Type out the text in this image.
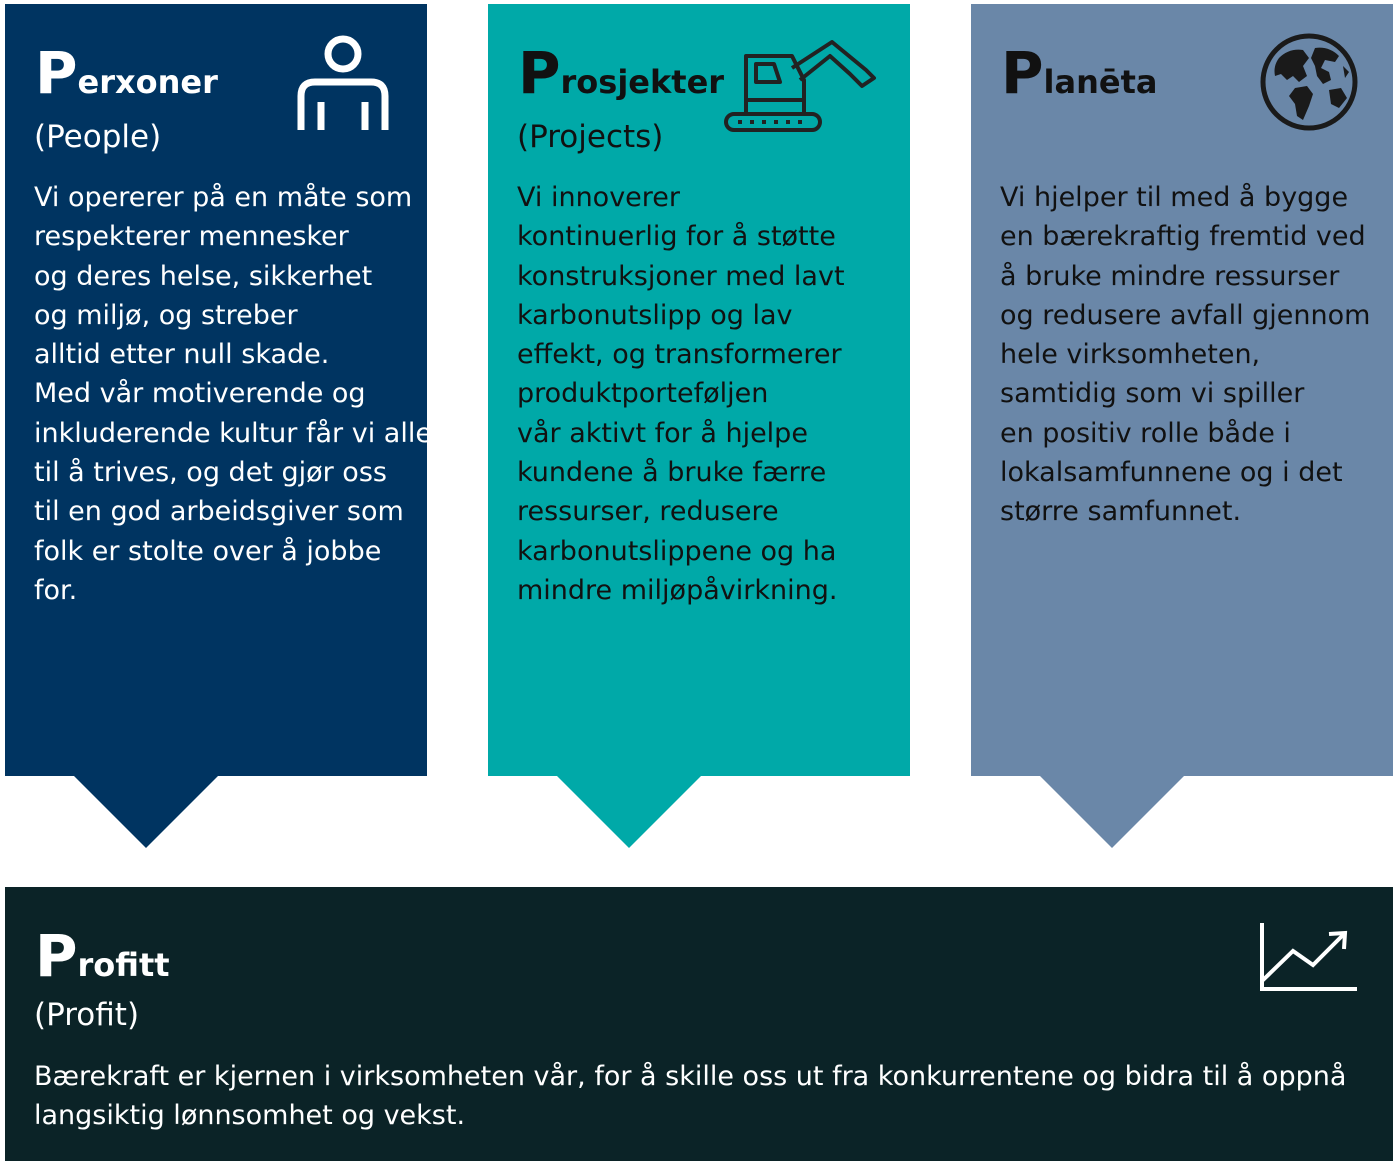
Perxoner
(People)
Vi opererer på en måte som
respekterer mennesker
og deres helse, sikkerhet
og miljø, og streber
alltid etter null skade.
Med vår motiverende og
inkluderende kultur får vi alle
til å trives, og det gjør oss
til en god arbeidsgiver som
folk er stolte over å jobbe
for.
Prosjekter
(Projects)
Vi innoverer
kontinuerlig for å støtte
konstruksjoner med lavt
karbonutslipp og lav
effekt, og transformerer
produktporteføljen
vår aktivt for å hjelpe
kundene å bruke færre
ressurser, redusere
karbonutslippene og ha
mindre miljøpåvirkning.
Planēta
Vi hjelper til med å bygge
en bærekraftig fremtid ved
å bruke mindre ressurser
og redusere avfall gjennom
hele virksomheten,
samtidig som vi spiller
en positiv rolle både i
lokalsamfunnene og i det
større samfunnet.
Profitt
(Profit)
Bærekraft er kjernen i virksomheten vår, for å skille oss ut fra konkurrentene og bidra til å oppnå
langsiktig lønnsomhet og vekst.
